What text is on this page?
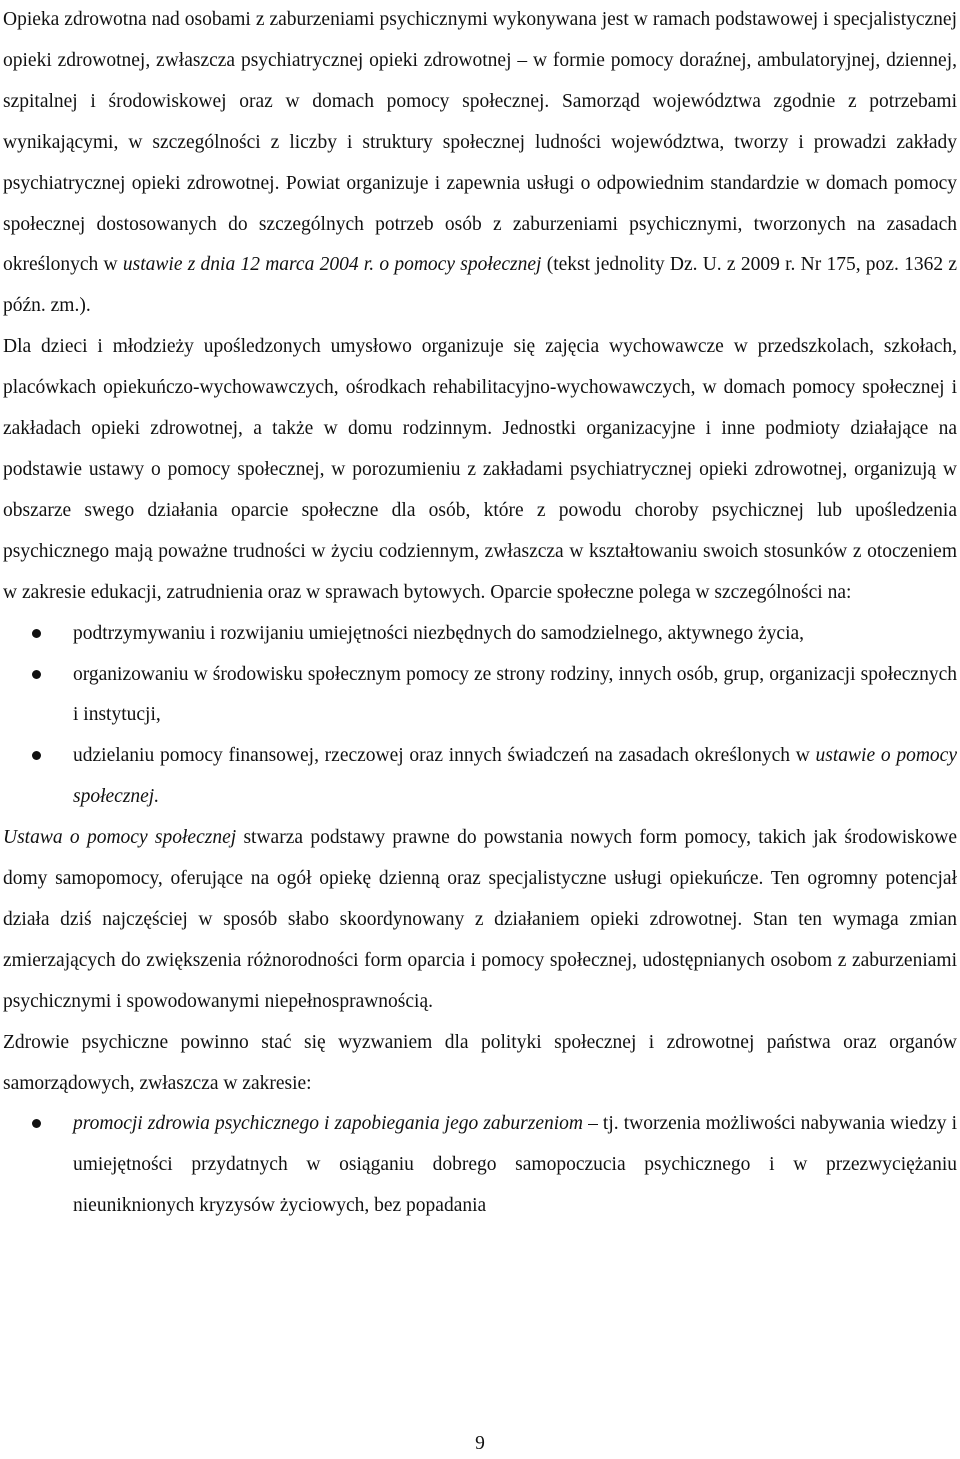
Opieka zdrowotna nad osobami z zaburzeniami psychicznymi wykonywana jest w ramach podstawowej i specjalistycznej opieki zdrowotnej, zwłaszcza psychiatrycznej opieki zdrowotnej – w formie pomocy doraźnej, ambulatoryjnej, dziennej, szpitalnej i środowiskowej oraz w domach pomocy społecznej. Samorząd województwa zgodnie z potrzebami wynikającymi, w szczególności z liczby i struktury społecznej ludności województwa, tworzy i prowadzi zakłady psychiatrycznej opieki zdrowotnej. Powiat organizuje i zapewnia usługi o odpowiednim standardzie w domach pomocy społecznej dostosowanych do szczególnych potrzeb osób z zaburzeniami psychicznymi, tworzonych na zasadach określonych w ustawie z dnia 12 marca 2004 r. o pomocy społecznej (tekst jednolity Dz. U. z 2009 r. Nr 175, poz. 1362 z późn. zm.).

Dla dzieci i młodzieży upośledzonych umysłowo organizuje się zajęcia wychowawcze w przedszkolach, szkołach, placówkach opiekuńczo-wychowawczych, ośrodkach rehabilitacyjno-wychowawczych, w domach pomocy społecznej i zakładach opieki zdrowotnej, a także w domu rodzinnym. Jednostki organizacyjne i inne podmioty działające na podstawie ustawy o pomocy społecznej, w porozumieniu z zakładami psychiatrycznej opieki zdrowotnej, organizują w obszarze swego działania oparcie społeczne dla osób, które z powodu choroby psychicznej lub upośledzenia psychicznego mają poważne trudności w życiu codziennym, zwłaszcza w kształtowaniu swoich stosunków z otoczeniem w zakresie edukacji, zatrudnienia oraz w sprawach bytowych. Oparcie społeczne polega w szczególności na:

podtrzymywaniu i rozwijaniu umiejętności niezbędnych do samodzielnego, aktywnego życia,
organizowaniu w środowisku społecznym pomocy ze strony rodziny, innych osób, grup, organizacji społecznych i instytucji,
udzielaniu pomocy finansowej, rzeczowej oraz innych świadczeń na zasadach określonych w ustawie o pomocy społecznej.

Ustawa o pomocy społecznej stwarza podstawy prawne do powstania nowych form pomocy, takich jak środowiskowe domy samopomocy, oferujące na ogół opiekę dzienną oraz specjalistyczne usługi opiekuńcze. Ten ogromny potencjał działa dziś najczęściej w sposób słabo skoordynowany z działaniem opieki zdrowotnej. Stan ten wymaga zmian zmierzających do zwiększenia różnorodności form oparcia i pomocy społecznej, udostępnianych osobom z zaburzeniami psychicznymi i spowodowanymi niepełnosprawnością.

Zdrowie psychiczne powinno stać się wyzwaniem dla polityki społecznej i zdrowotnej państwa oraz organów samorządowych, zwłaszcza w zakresie:

promocji zdrowia psychicznego i zapobiegania jego zaburzeniom – tj. tworzenia możliwości nabywania wiedzy i umiejętności przydatnych w osiąganiu dobrego samopoczucia psychicznego i w przezwyciężaniu nieuniknionych kryzysów życiowych, bez popadania
9
